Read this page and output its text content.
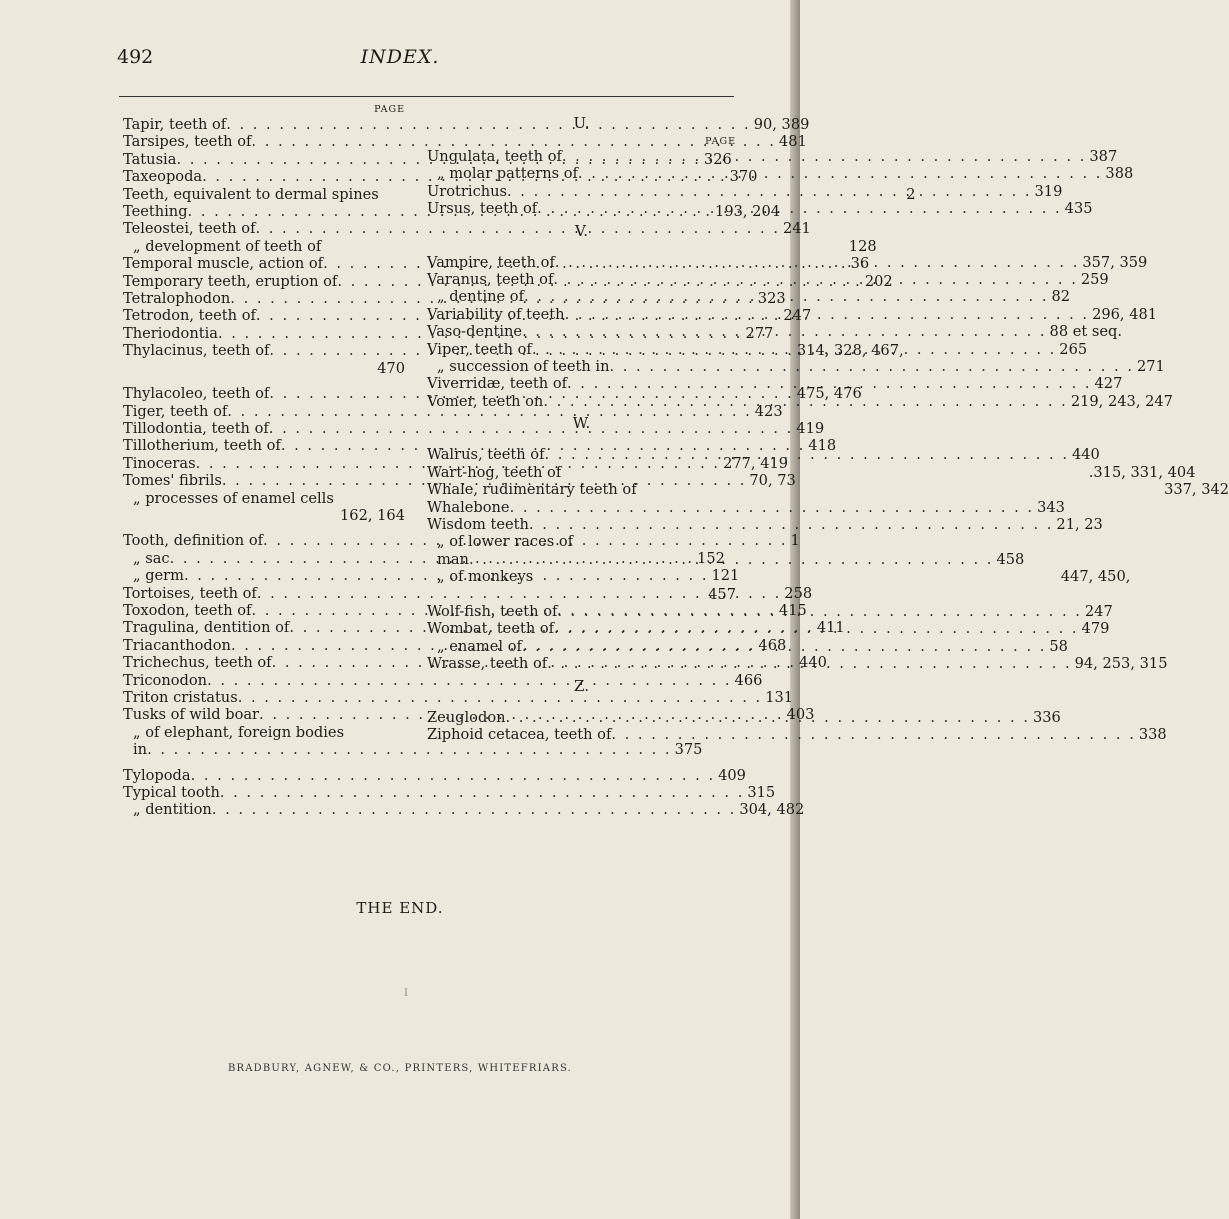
492	INDEX.
PAGE
Tapir, teeth of . . .	90, 389
Tarsipes, teeth of . . .	481
Tatusia . . .	326
Taxeopoda . . .	370
Teeth, equivalent to dermal spines	2
Teething . . .	193, 204
Teleostei, teeth of . . .	241
„ development of teeth of	128
Temporal muscle, action of . . .	36
Temporary teeth, eruption of . . .	202
Tetralophodon . . .	323
Tetrodon, teeth of . . .	247
Theriodontia . . .	277
Thylacinus, teeth of . . .	314, 328, 467,
470
Thylacoleo, teeth of . . .	475, 476
Tiger, teeth of . . .	423
Tillodontia, teeth of . . .	419
Tillotherium, teeth of . . .	418
Tinoceras . . .	277, 419
Tomes' fibrils . . .	70, 73
„ processes of enamel cells
162, 164
Tooth, definition of . . .	1
„ sac . . .	152
„ germ . . .	121
Tortoises, teeth of . . .	258
Toxodon, teeth of . . .	415
Tragulina, dentition of . . .	411
Triacanthodon . . .	468
Trichechus, teeth of . . .	440
Triconodon . . .	466
Triton cristatus . . .	131
Tusks of wild boar . . .	403
„ of elephant, foreign bodies
in . . .	375
Tylopoda . . .	409
Typical tooth . . .	315
„ dentition . . .	304, 482
U.
PAGE
Ungulata, teeth of . . .	387
„ molar patterns of . . .	388
Urotrichus . . .	319
Ursus, teeth of . . .	435
V.
Vampire, teeth of . . .	357, 359
Varanus, teeth of . . .	259
„ dentine of . . .	82
Variability of teeth . . .	296, 481
Vaso-dentine . . .	88 et seq.
Viper, teeth of . . .	265
„ succession of teeth in . . .	271
Viverridæ, teeth of . . .	427
Vomer, teeth on . . .	219, 243, 247
W.
Walrus, teeth of . . .	440
Wart-hog, teeth of	.315, 331, 404
Whale, rudimentary teeth of	337, 342
Whalebone . . .	343
Wisdom teeth . . .	21, 23
„ of lower races of
man . . .	458
„ of monkeys	447, 450,
457
Wolf-fish, teeth of . . .	247
Wombat, teeth of . . .	479
„ enamel of . . .	58
Wrasse, teeth of . . .	94, 253, 315
Z.
Zeuglodon . . .	336
Ziphoid cetacea, teeth of . . .	338
THE END.
I
BRADBURY, AGNEW, & CO., PRINTERS, WHITEFRIARS.
